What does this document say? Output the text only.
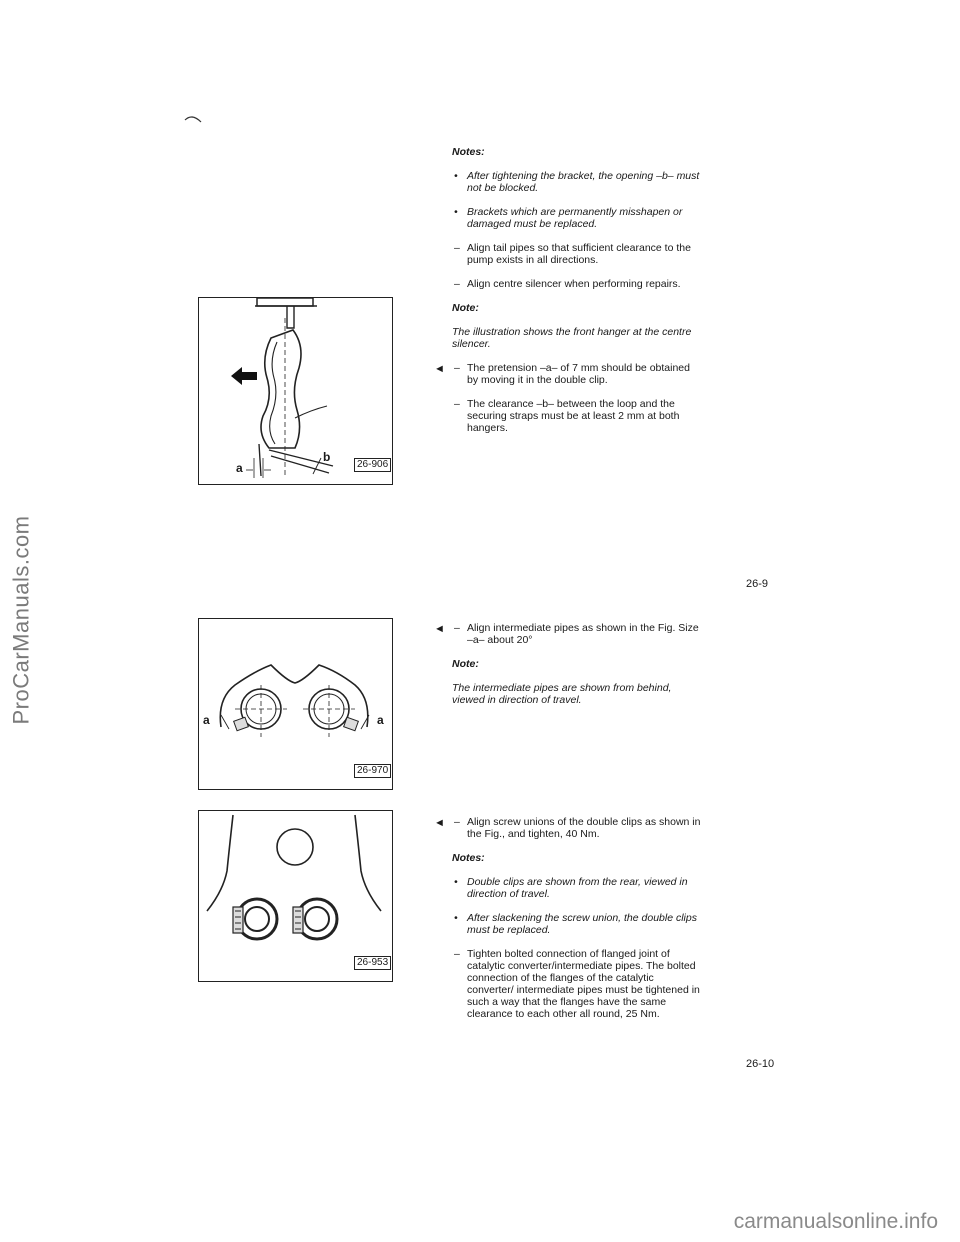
ProCarManuals.com
a
b
26-906

Notes:

• After tightening the bracket, the opening –b– must not be blocked.

• Brackets which are permanently misshapen or damaged must be replaced.

– Align tail pipes so that sufficient clearance to the pump exists in all directions.

– Align centre silencer when performing repairs.

Note:

The illustration shows the front hanger at the centre silencer.

◄ – The pretension –a– of 7 mm should be obtained by moving it in the double clip.

– The clearance –b– between the loop and the securing straps must be at least 2 mm at both hangers.

26-9
a	a
26-970

◄ – Align intermediate pipes as shown in the Fig. Size –a– about 20°

Note:

The intermediate pipes are shown from behind, viewed in direction of travel.

26-953

◄ – Align screw unions of the double clips as shown in the Fig., and tighten, 40 Nm.

Notes:

• Double clips are shown from the rear, viewed in direction of travel.

• After slackening the screw union, the double clips must be replaced.

– Tighten bolted connection of flanged joint of catalytic converter/intermediate pipes. The bolted connection of the flanges of the catalytic converter/ intermediate pipes must be tightened in such a way that the flanges have the same clearance to each other all round, 25 Nm.

26-10
carmanualsonline.info
